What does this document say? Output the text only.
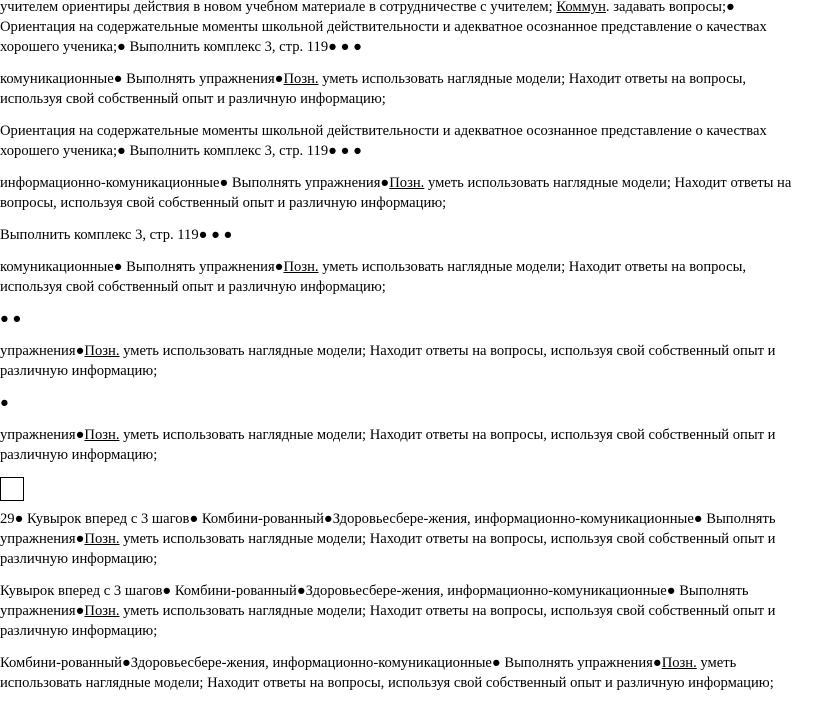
учителем ориентиры действия в новом учебном материале в сотрудничестве с учителем; Коммун. задавать вопросы;● Ориентация на содержательные моменты школьной действительности и адекватное осознанное представление о качествах хорошего ученика;● Выполнить комплекс 3, стр. 119● ● ●

комуникационные● Выполнять упражнения●Позн. уметь использовать наглядные модели; Находит ответы на вопросы, используя свой собственный опыт и различную информацию;

Ориентация на содержательные моменты школьной действительности и адекватное осознанное представление о качествах хорошего ученика;● Выполнить комплекс 3, стр. 119● ● ●

информационно-комуникационные● Выполнять упражнения●Позн. уметь использовать наглядные модели; Находит ответы на вопросы, используя свой собственный опыт и различную информацию;

Выполнить комплекс 3, стр. 119● ● ●

комуникационные● Выполнять упражнения●Позн. уметь использовать наглядные модели; Находит ответы на вопросы, используя свой собственный опыт и различную информацию;

● ●

упражнения●Позн. уметь использовать наглядные модели; Находит ответы на вопросы, используя свой собственный опыт и различную информацию;

●

упражнения●Позн. уметь использовать наглядные модели; Находит ответы на вопросы, используя свой собственный опыт и различную информацию;

29● Кувырок вперед с 3 шагов● Комбини-рованный●Здоровьесбере-жения, информационно-комуникационные● Выполнять упражнения●Позн. уметь использовать наглядные модели; Находит ответы на вопросы, используя свой собственный опыт и различную информацию;

Кувырок вперед с 3 шагов● Комбини-рованный●Здоровьесбере-жения, информационно-комуникационные● Выполнять упражнения●Позн. уметь использовать наглядные модели; Находит ответы на вопросы, используя свой собственный опыт и различную информацию;

Комбини-рованный●Здоровьесбере-жения, информационно-комуникационные● Выполнять упражнения●Позн. уметь использовать наглядные модели; Находит ответы на вопросы, используя свой собственный опыт и различную информацию;
